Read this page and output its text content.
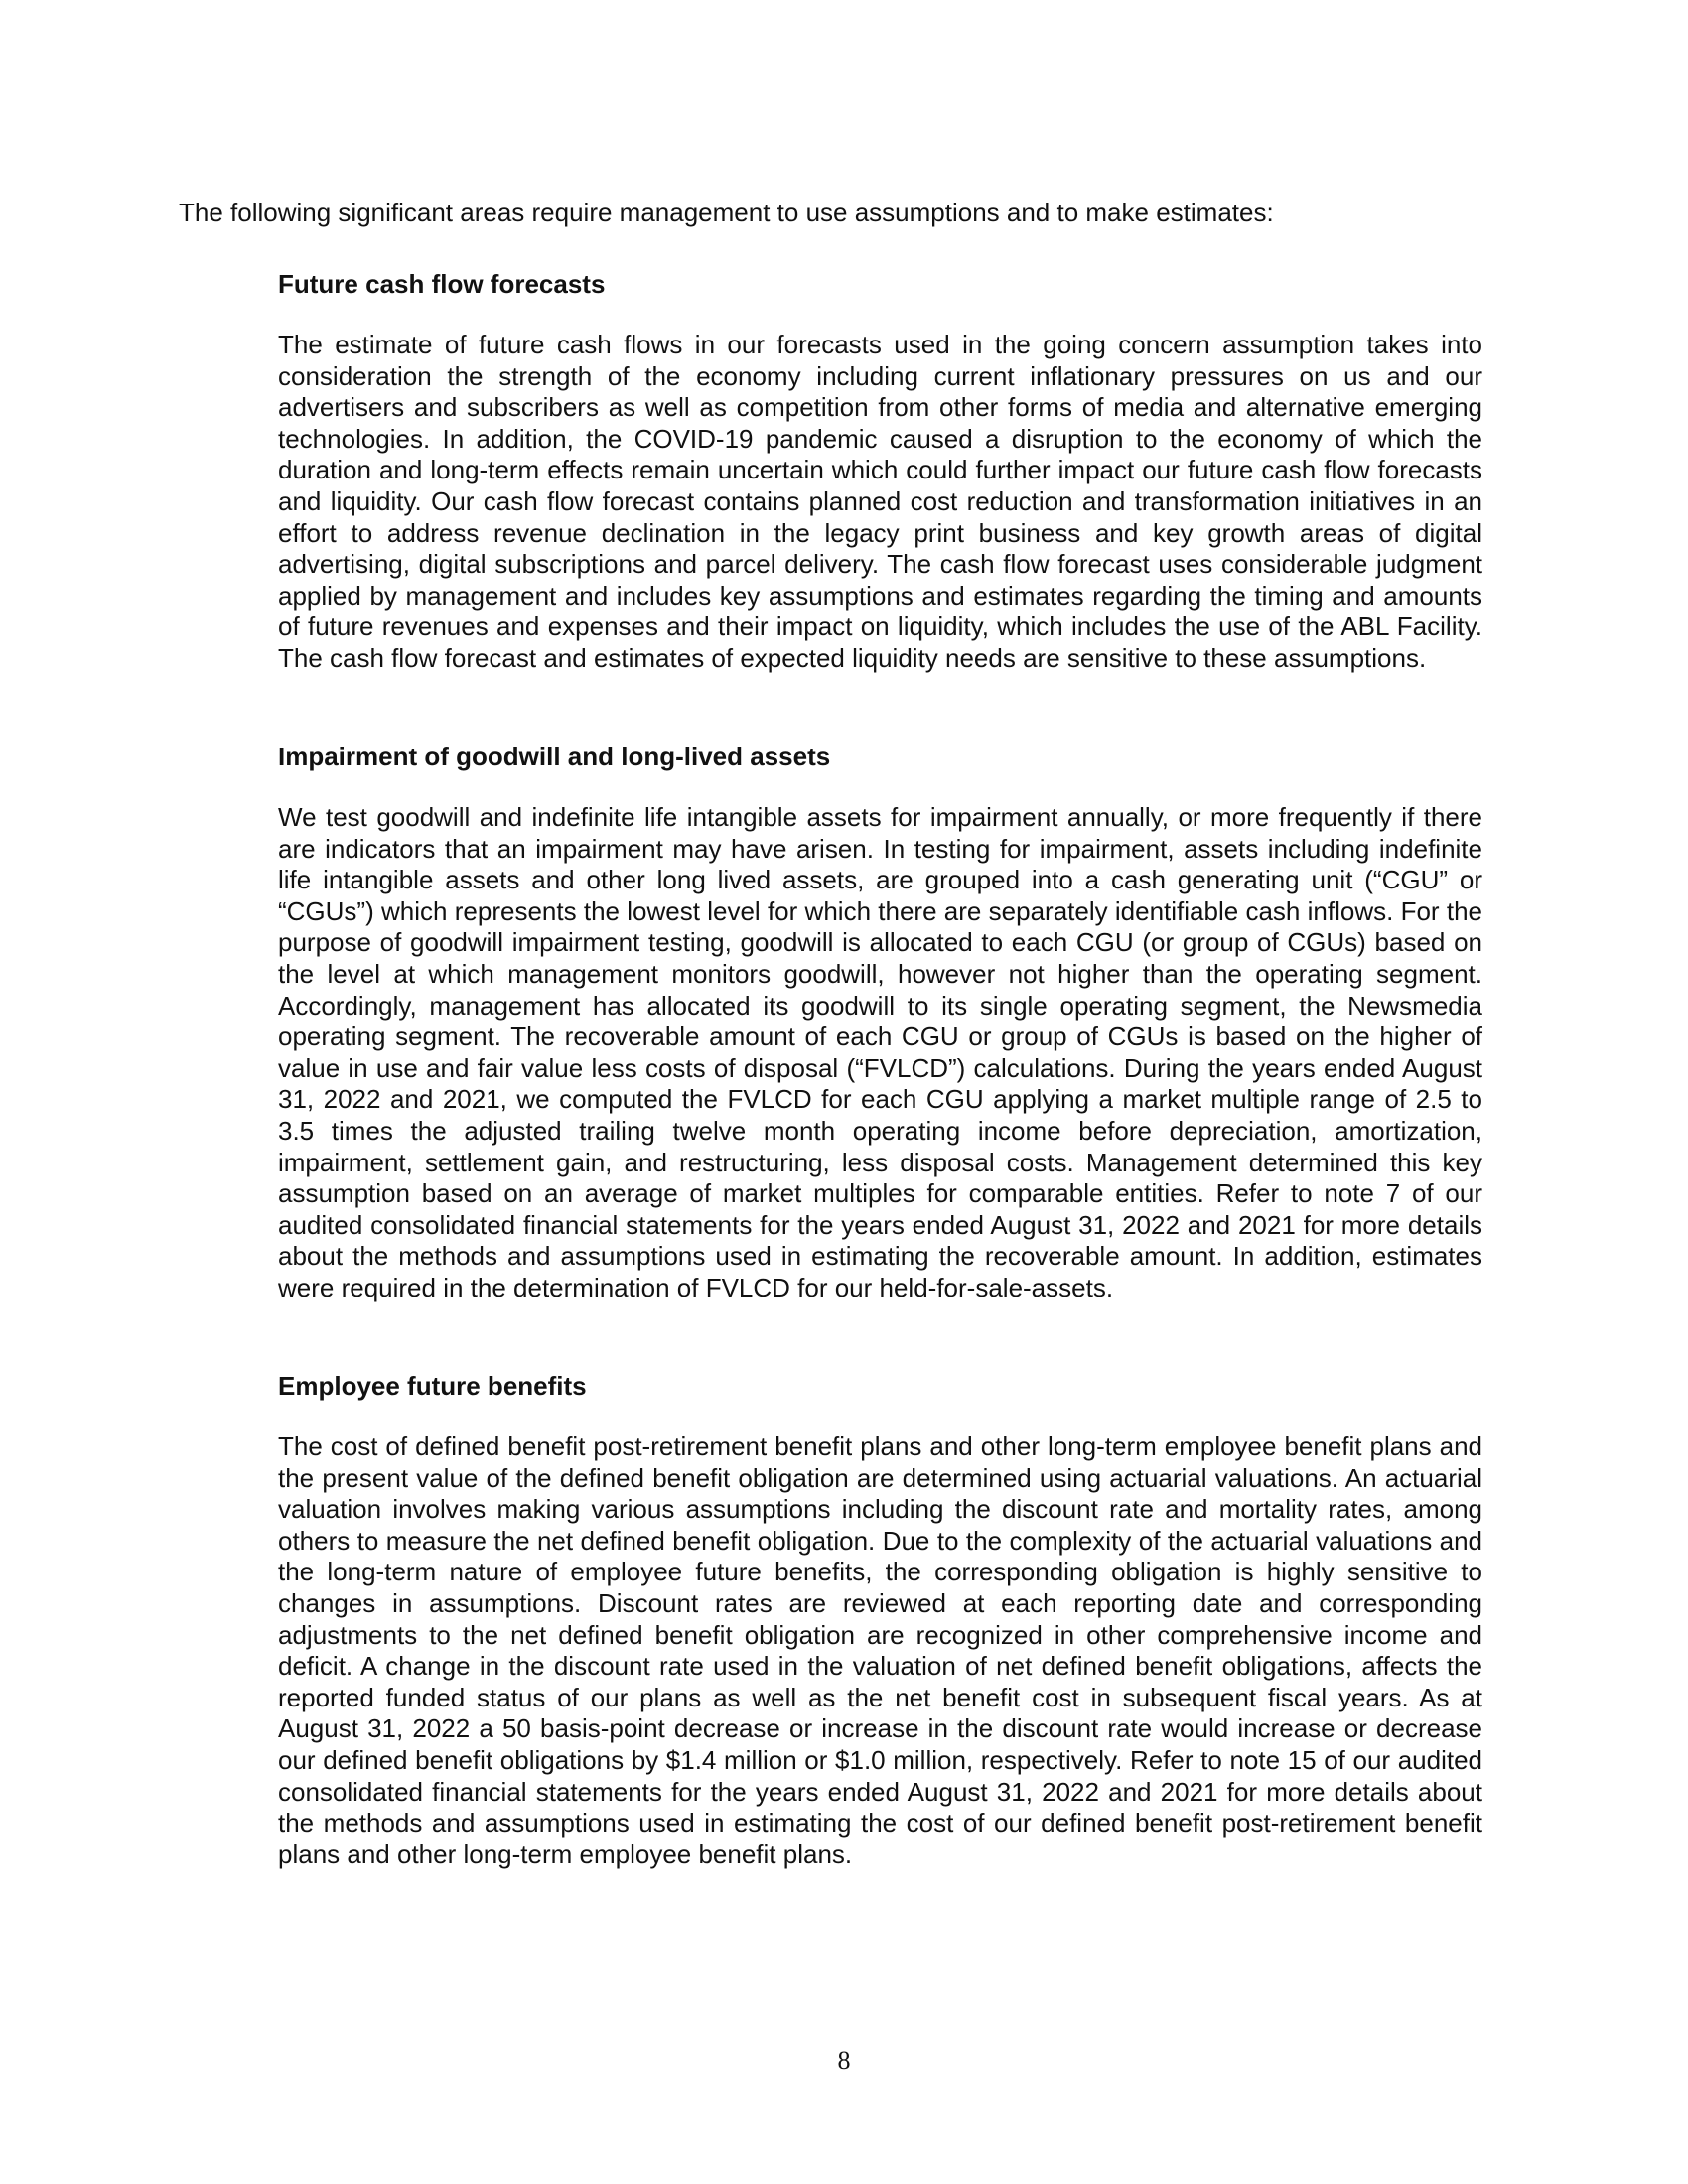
The following significant areas require management to use assumptions and to make estimates:

Future cash flow forecasts

The estimate of future cash flows in our forecasts used in the going concern assumption takes into consideration the strength of the economy including current inflationary pressures on us and our advertisers and subscribers as well as competition from other forms of media and alternative emerging technologies. In addition, the COVID-19 pandemic caused a disruption to the economy of which the duration and long-term effects remain uncertain which could further impact our future cash flow forecasts and liquidity. Our cash flow forecast contains planned cost reduction and transformation initiatives in an effort to address revenue declination in the legacy print business and key growth areas of digital advertising, digital subscriptions and parcel delivery. The cash flow forecast uses considerable judgment applied by management and includes key assumptions and estimates regarding the timing and amounts of future revenues and expenses and their impact on liquidity, which includes the use of the ABL Facility. The cash flow forecast and estimates of expected liquidity needs are sensitive to these assumptions.

Impairment of goodwill and long-lived assets

We test goodwill and indefinite life intangible assets for impairment annually, or more frequently if there are indicators that an impairment may have arisen. In testing for impairment, assets including indefinite life intangible assets and other long lived assets, are grouped into a cash generating unit (“CGU” or “CGUs”) which represents the lowest level for which there are separately identifiable cash inflows. For the purpose of goodwill impairment testing, goodwill is allocated to each CGU (or group of CGUs) based on the level at which management monitors goodwill, however not higher than the operating segment. Accordingly, management has allocated its goodwill to its single operating segment, the Newsmedia operating segment. The recoverable amount of each CGU or group of CGUs is based on the higher of value in use and fair value less costs of disposal (“FVLCD”) calculations. During the years ended August 31, 2022 and 2021, we computed the FVLCD for each CGU applying a market multiple range of 2.5 to 3.5 times the adjusted trailing twelve month operating income before depreciation, amortization, impairment, settlement gain, and restructuring, less disposal costs. Management determined this key assumption based on an average of market multiples for comparable entities. Refer to note 7 of our audited consolidated financial statements for the years ended August 31, 2022 and 2021 for more details about the methods and assumptions used in estimating the recoverable amount. In addition, estimates were required in the determination of FVLCD for our held-for-sale-assets.

Employee future benefits

The cost of defined benefit post-retirement benefit plans and other long-term employee benefit plans and the present value of the defined benefit obligation are determined using actuarial valuations. An actuarial valuation involves making various assumptions including the discount rate and mortality rates, among others to measure the net defined benefit obligation. Due to the complexity of the actuarial valuations and the long-term nature of employee future benefits, the corresponding obligation is highly sensitive to changes in assumptions. Discount rates are reviewed at each reporting date and corresponding adjustments to the net defined benefit obligation are recognized in other comprehensive income and deficit. A change in the discount rate used in the valuation of net defined benefit obligations, affects the reported funded status of our plans as well as the net benefit cost in subsequent fiscal years. As at August 31, 2022 a 50 basis-point decrease or increase in the discount rate would increase or decrease our defined benefit obligations by $1.4 million or $1.0 million, respectively. Refer to note 15 of our audited consolidated financial statements for the years ended August 31, 2022 and 2021 for more details about the methods and assumptions used in estimating the cost of our defined benefit post-retirement benefit plans and other long-term employee benefit plans.

8
